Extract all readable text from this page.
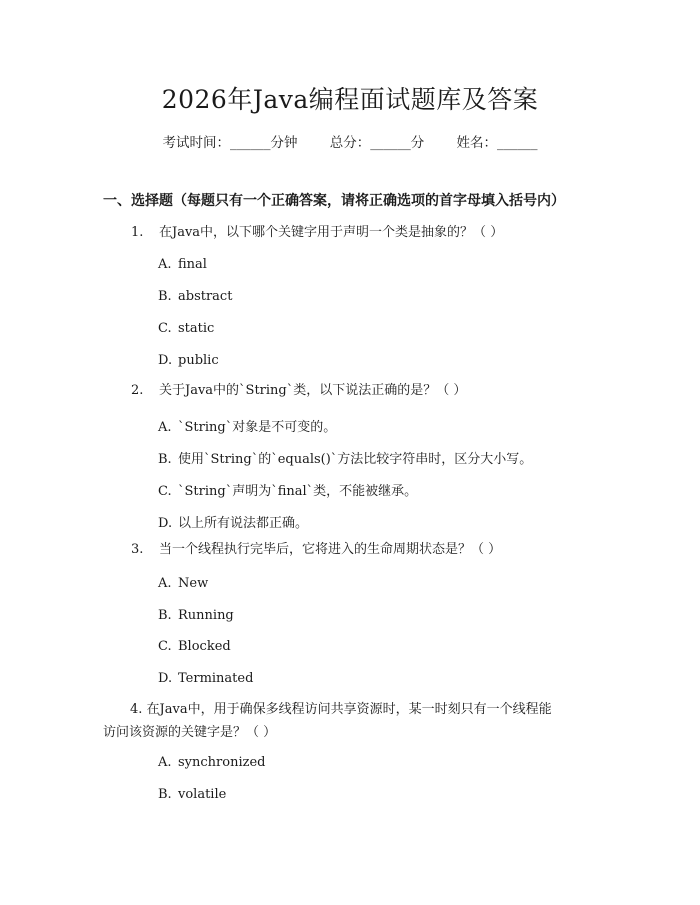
2026年Java编程面试题库及答案
考试时间：______分钟 总分：______分 姓名：______
一、选择题（每题只有一个正确答案，请将正确选项的首字母填入括号内）
1. 在Java中，以下哪个关键字用于声明一个类是抽象的？（ ）
A. final
B. abstract
C. static
D. public
2. 关于Java中的`String`类，以下说法正确的是？（ ）
A. `String`对象是不可变的。
B. 使用`String`的`equals()`方法比较字符串时，区分大小写。
C. `String`声明为`final`类，不能被继承。
D. 以上所有说法都正确。
3. 当一个线程执行完毕后，它将进入的生命周期状态是？（ ）
A. New
B. Running
C. Blocked
D. Terminated
4. 在Java中，用于确保多线程访问共享资源时，某一时刻只有一个线程能
访问该资源的关键字是？（ ）
A. synchronized
B. volatile
